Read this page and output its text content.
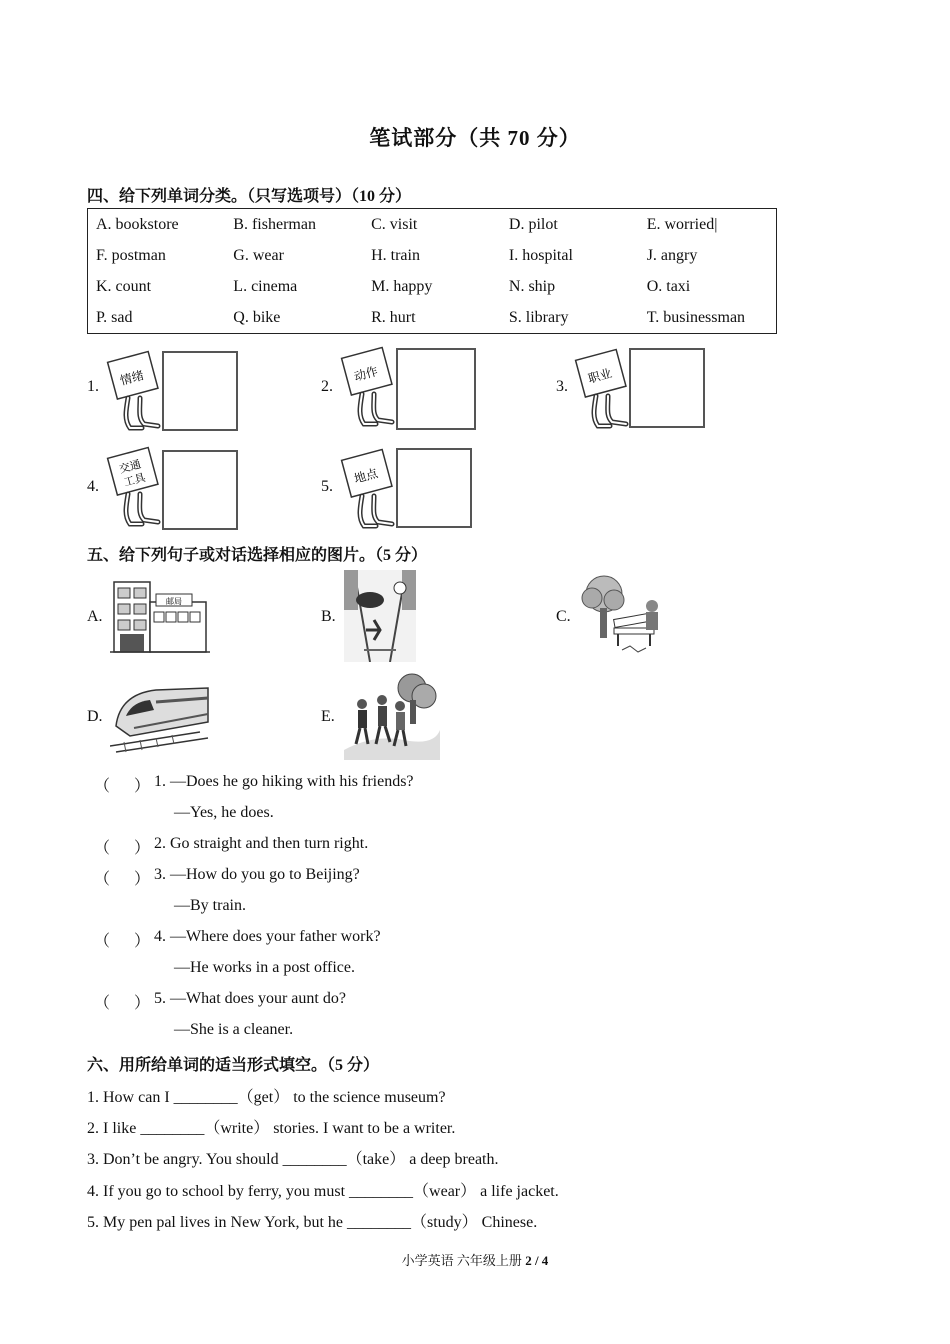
笔试部分（共 70 分）
四、给下列单词分类。（只写选项号）（10 分）
A. bookstore	B. fisherman	C. visit	D. pilot	E. worried|
F. postman	G. wear	H. train	I. hospital	J. angry
K. count	L. cinema	M. happy	N. ship	O. taxi
P. sad	Q. bike	R. hurt	S. library	T. businessman
1. 情绪	2.
动作
3.
职业
4.
交通
工具	5.
地点
五、给下列句子或对话选择相应的图片。（5 分）
A.
邮局
B.	C.
D.	E.
（ ） 1. —Does he go hiking with his friends?
—Yes, he does.
（ ） 2. Go straight and then turn right.
（ ） 3. —How do you go to Beijing?
—By train.
（ ） 4. —Where does your father work?
—He works in a post office.
（ ） 5. —What does your aunt do?
—She is a cleaner.
六、用所给单词的适当形式填空。（5 分）
1. How can I ________（get） to the science museum?
2. I like ________（write） stories. I want to be a writer.
3. Don’t be angry. You should ________（take） a deep breath.
4. If you go to school by ferry, you must ________（wear） a life jacket.
5. My pen pal lives in New York, but he ________（study） Chinese.
小学英语 六年级上册 2 / 4
